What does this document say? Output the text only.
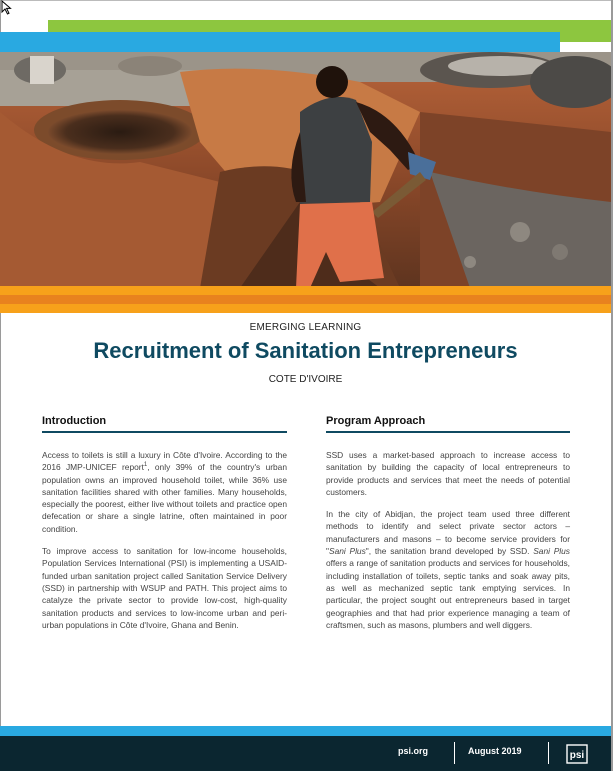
EMERGING LEARNING
Recruitment of Sanitation Entrepreneurs
COTE D'IVOIRE
Introduction

Access to toilets is still a luxury in Côte d'Ivoire. According to the 2016 JMP-UNICEF report$^1$, only 39% of the country's urban population owns an improved household toilet, while 36% use sanitation facilities shared with other families. Many households, especially the poorest, either live without toilets and practice open defecation or share a single latrine, often maintained in poor condition.

To improve access to sanitation for low-income households, Population Services International (PSI) is implementing a USAID-funded urban sanitation project called Sanitation Service Delivery (SSD) in partnership with WSUP and PATH. This project aims to catalyze the private sector to provide low-cost, high-quality sanitation products and services to low-income urban and peri-urban populations in Côte d'Ivoire, Ghana and Benin.

Program Approach

SSD uses a market-based approach to increase access to sanitation by building the capacity of local entrepreneurs to provide products and services that meet the needs of potential customers.

In the city of Abidjan, the project team used three different methods to identify and select private sector actors – manufacturers and masons – to become service providers for "Sani Plus", the sanitation brand developed by SSD. Sani Plus offers a range of sanitation products and services for households, including installation of toilets, septic tanks and soak away pits, as well as mechanized septic tank emptying services. In particular, the project sought out entrepreneurs based in target geographies and that had prior experience managing a team of craftsmen, such as masons, plumbers and well diggers.

psi.org	August 2019	psi
